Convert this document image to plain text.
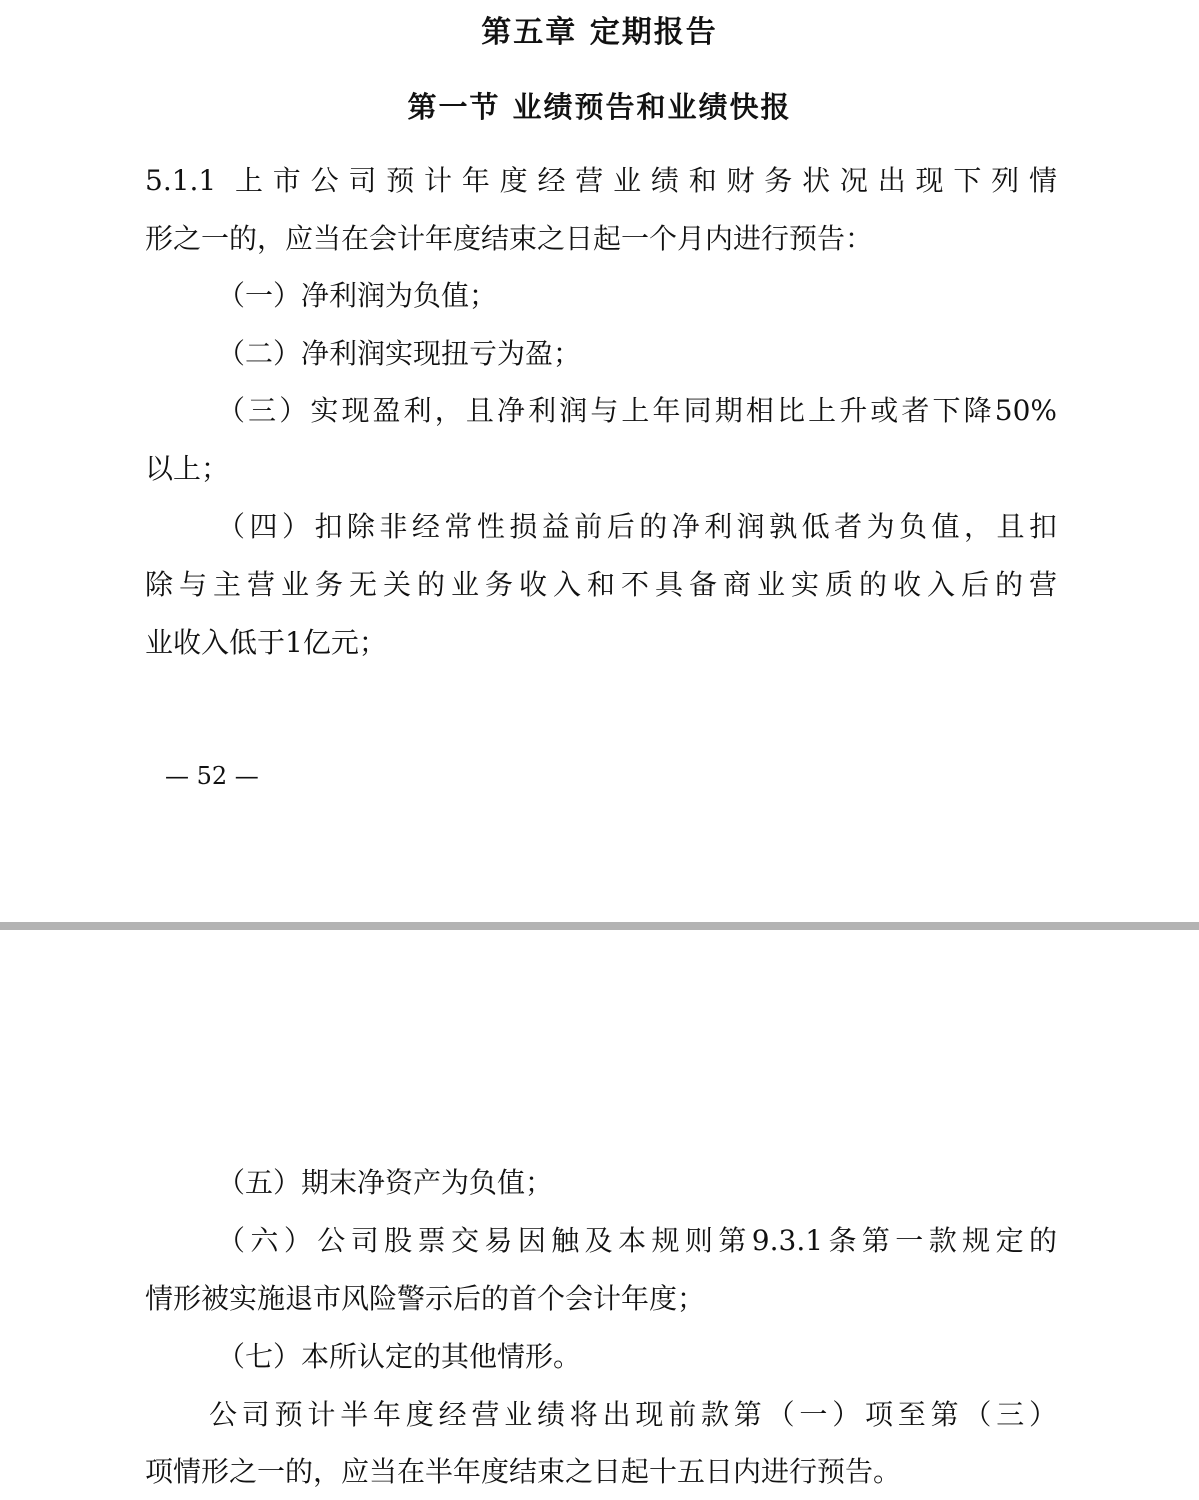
第五章 定期报告
第一节 业绩预告和业绩快报
5.1.1 上市公司预计年度经营业绩和财务状况出现下列情
形之一的，应当在会计年度结束之日起一个月内进行预告：
（一）净利润为负值；
（二）净利润实现扭亏为盈；
（三）实现盈利，且净利润与上年同期相比上升或者下降50%
以上；
（四）扣除非经常性损益前后的净利润孰低者为负值，且扣
除与主营业务无关的业务收入和不具备商业实质的收入后的营
业收入低于1亿元；
— 52 —
（五）期末净资产为负值；
（六）公司股票交易因触及本规则第9.3.1条第一款规定的
情形被实施退市风险警示后的首个会计年度；
（七）本所认定的其他情形。
公司预计半年度经营业绩将出现前款第（一）项至第（三）
项情形之一的，应当在半年度结束之日起十五日内进行预告。
